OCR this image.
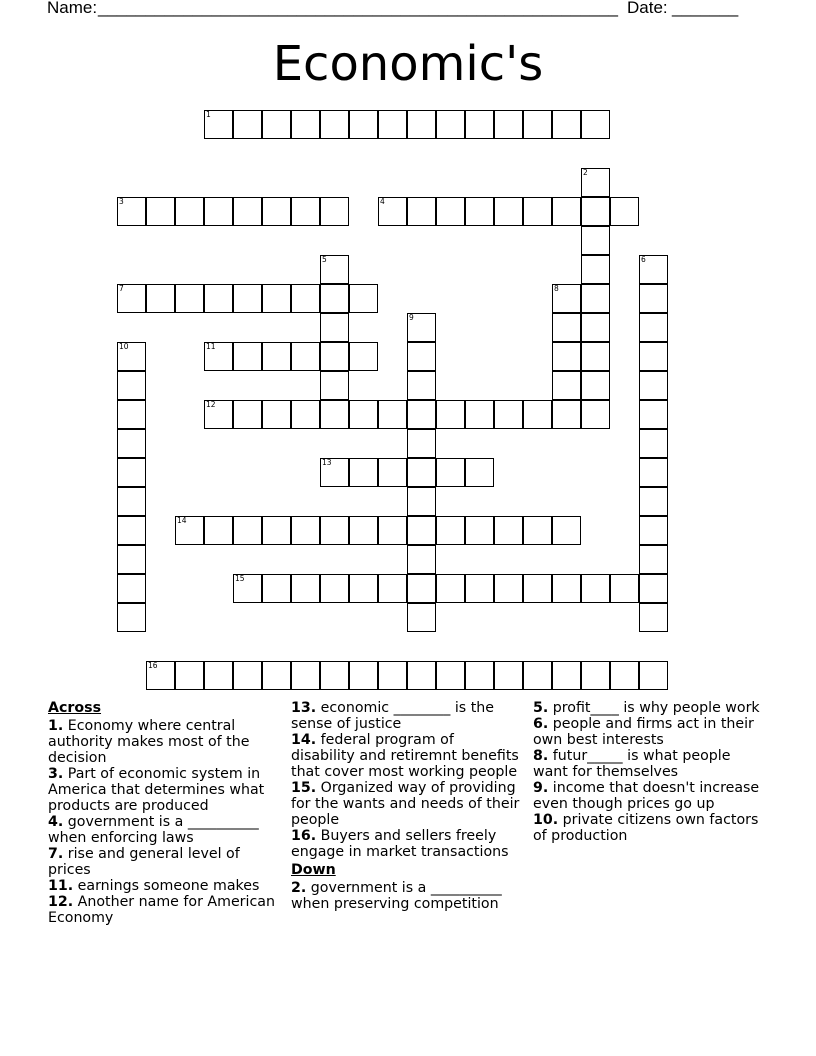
Name: _______________________________________________________ Date: _______
Economic's
1
2
3	4
5	6
7	8
9
10	11
12
13
14
15
16
Across
1. Economy where central authority makes most of the decision
3. Part of economic system in America that determines what products are produced
4. government is a __________ when enforcing laws
7. rise and general level of prices
11. earnings someone makes
12. Another name for American Economy
13. economic ________ is the sense of justice
14. federal program of disability and retiremnt benefits that cover most working people
15. Organized way of providing for the wants and needs of their people
16. Buyers and sellers freely engage in market transactions
Down
2. government is a __________ when preserving competition
5. profit____ is why people work
6. people and firms act in their own best interests
8. futur_____ is what people want for themselves
9. income that doesn't increase even though prices go up
10. private citizens own factors of production
